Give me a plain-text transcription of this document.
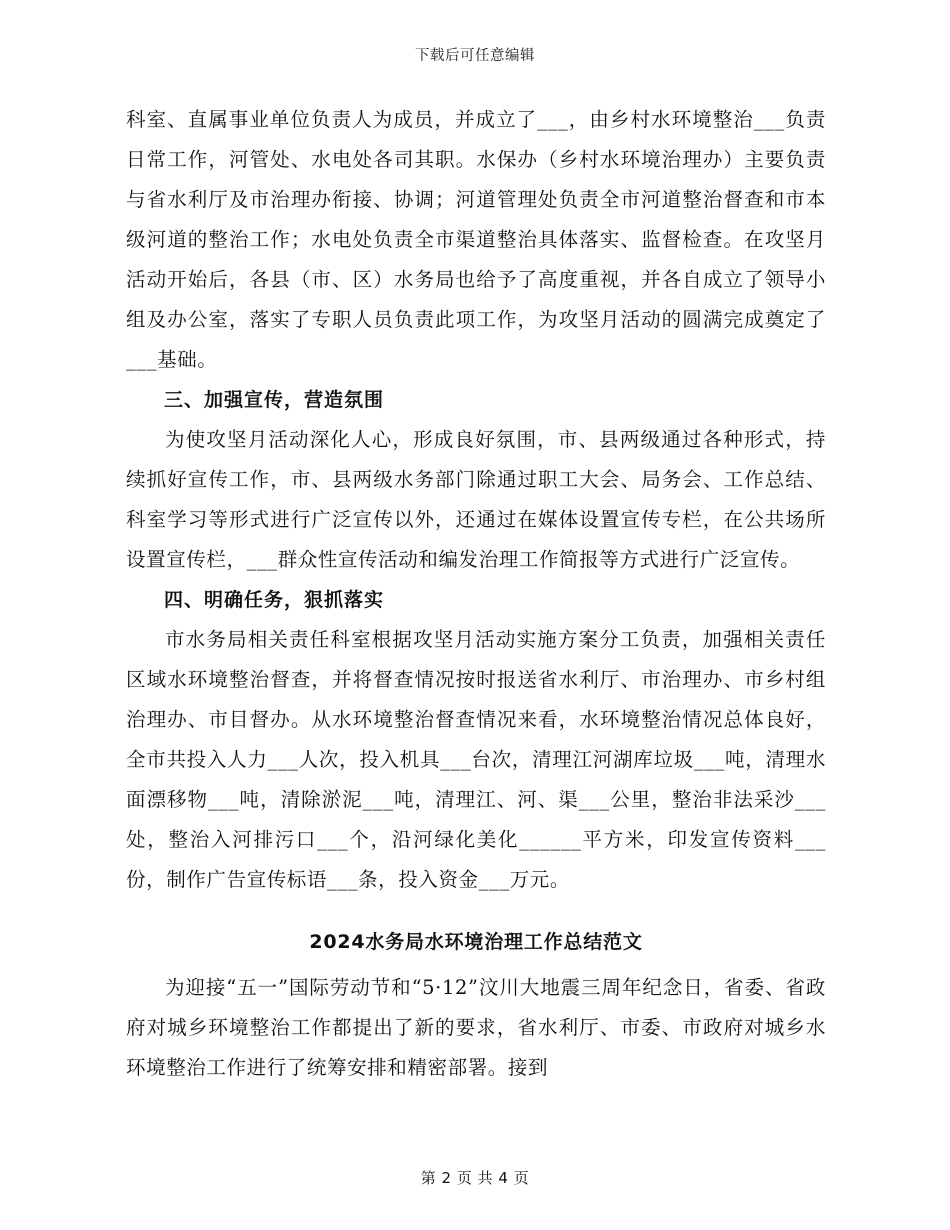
下载后可任意编辑

科室、直属事业单位负责人为成员，并成立了___，由乡村水环境整治___负责日常工作，河管处、水电处各司其职。水保办（乡村水环境治理办）主要负责与省水利厅及市治理办衔接、协调；河道管理处负责全市河道整治督查和市本级河道的整治工作；水电处负责全市渠道整治具体落实、监督检查。在攻坚月活动开始后，各县（市、区）水务局也给予了高度重视，并各自成立了领导小组及办公室，落实了专职人员负责此项工作，为攻坚月活动的圆满完成奠定了___基础。

三、加强宣传，营造氛围

为使攻坚月活动深化人心，形成良好氛围，市、县两级通过各种形式，持续抓好宣传工作，市、县两级水务部门除通过职工大会、局务会、工作总结、科室学习等形式进行广泛宣传以外，还通过在媒体设置宣传专栏，在公共场所设置宣传栏，___群众性宣传活动和编发治理工作简报等方式进行广泛宣传。

四、明确任务，狠抓落实

市水务局相关责任科室根据攻坚月活动实施方案分工负责，加强相关责任区域水环境整治督查，并将督查情况按时报送省水利厅、市治理办、市乡村组治理办、市目督办。从水环境整治督查情况来看，水环境整治情况总体良好，全市共投入人力___人次，投入机具___台次，清理江河湖库垃圾___吨，清理水面漂移物___吨，清除淤泥___吨，清理江、河、渠___公里，整治非法采沙___处，整治入河排污口___个，沿河绿化美化______平方米，印发宣传资料___份，制作广告宣传标语___条，投入资金___万元。

2024水务局水环境治理工作总结范文

为迎接“五一”国际劳动节和“5·12”汶川大地震三周年纪念日，省委、省政府对城乡环境整治工作都提出了新的要求，省水利厅、市委、市政府对城乡水环境整治工作进行了统筹安排和精密部署。接到

第 2 页 共 4 页
